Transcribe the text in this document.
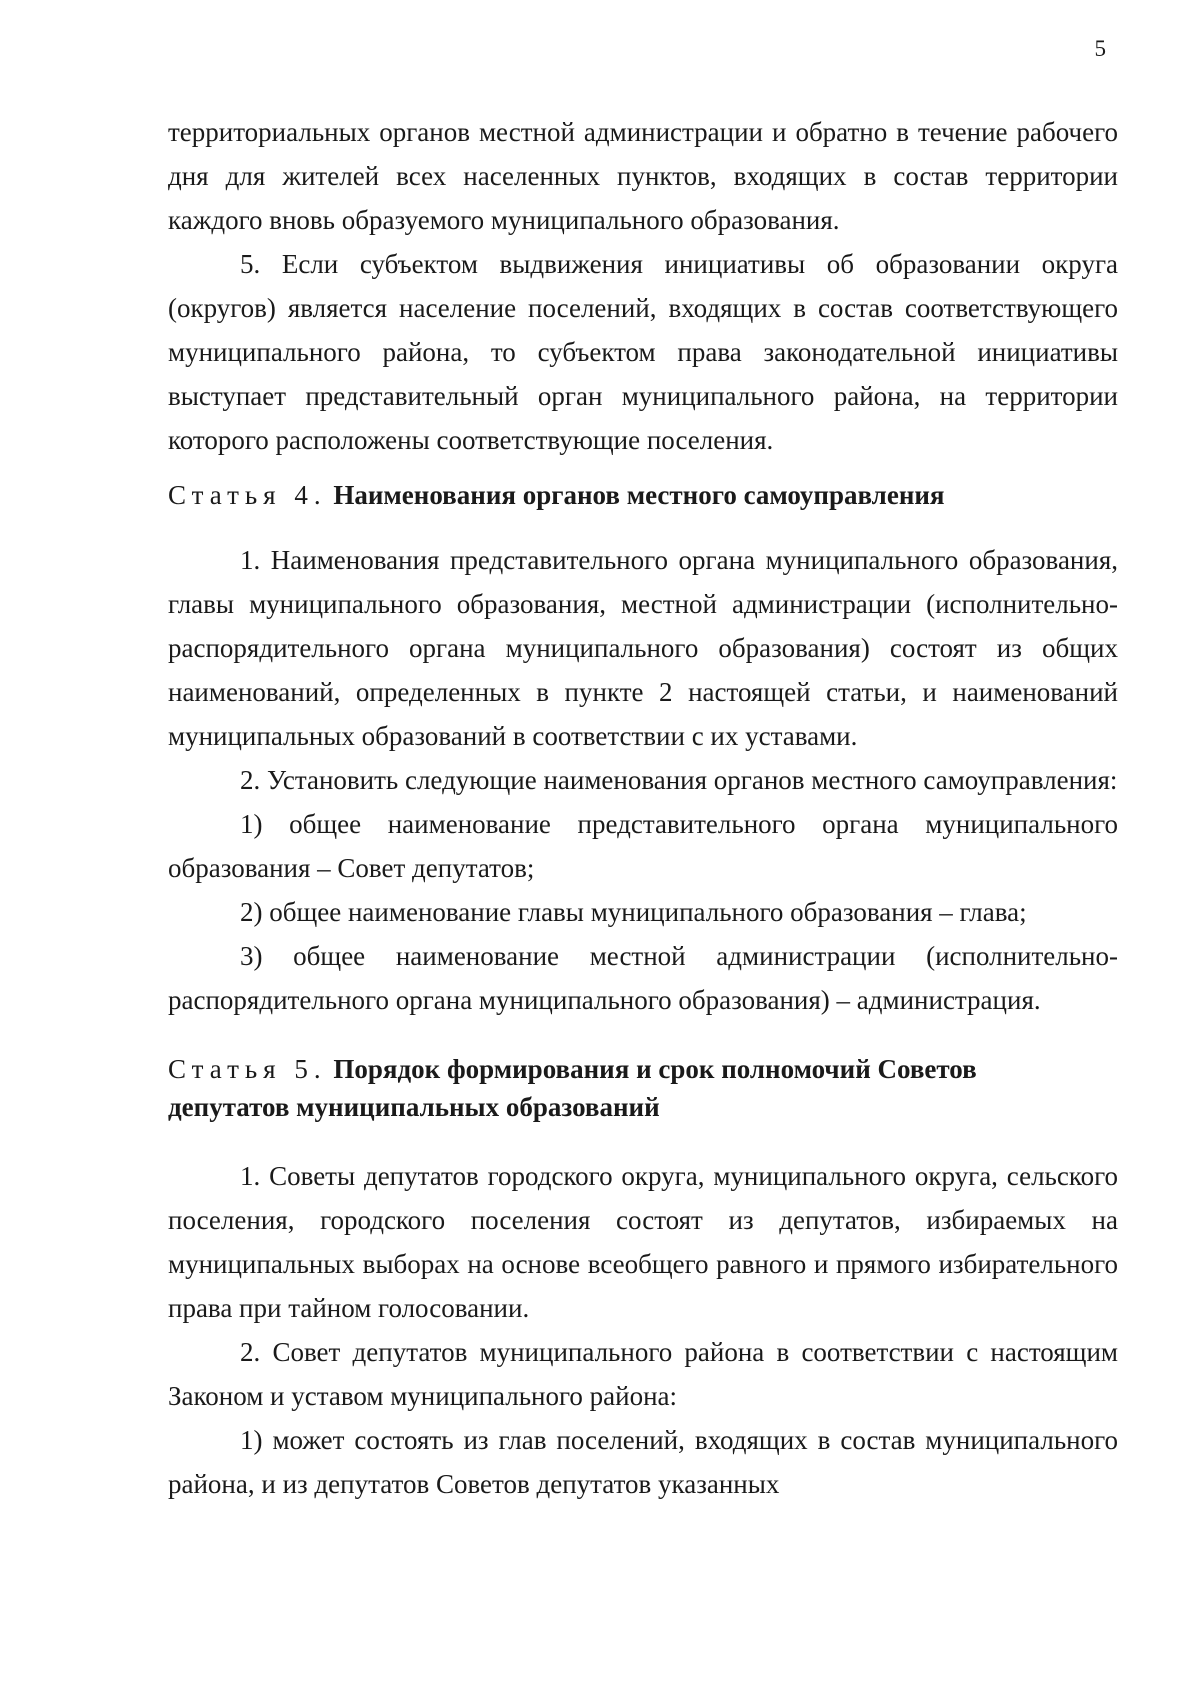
5

территориальных органов местной администрации и обратно в течение рабочего дня для жителей всех населенных пунктов, входящих в состав территории каждого вновь образуемого муниципального образования.

5. Если субъектом выдвижения инициативы об образовании округа (округов) является население поселений, входящих в состав соответствующего муниципального района, то субъектом права законодательной инициативы выступает представительный орган муниципального района, на территории которого расположены соответствующие поселения.

Статья 4. Наименования органов местного самоуправления

1. Наименования представительного органа муниципального образования, главы муниципального образования, местной администрации (исполнительно-распорядительного органа муниципального образования) состоят из общих наименований, определенных в пункте 2 настоящей статьи, и наименований муниципальных образований в соответствии с их уставами.

2. Установить следующие наименования органов местного самоуправления:

1) общее наименование представительного органа муниципального образования – Совет депутатов;

2) общее наименование главы муниципального образования – глава;

3) общее наименование местной администрации (исполнительно-распорядительного органа муниципального образования) – администрация.

Статья 5. Порядок формирования и срок полномочий Советов
депутатов муниципальных образований

1. Советы депутатов городского округа, муниципального округа, сельского поселения, городского поселения состоят из депутатов, избираемых на муниципальных выборах на основе всеобщего равного и прямого избирательного права при тайном голосовании.

2. Совет депутатов муниципального района в соответствии с настоящим Законом и уставом муниципального района:

1) может состоять из глав поселений, входящих в состав муниципального района, и из депутатов Советов депутатов указанных
